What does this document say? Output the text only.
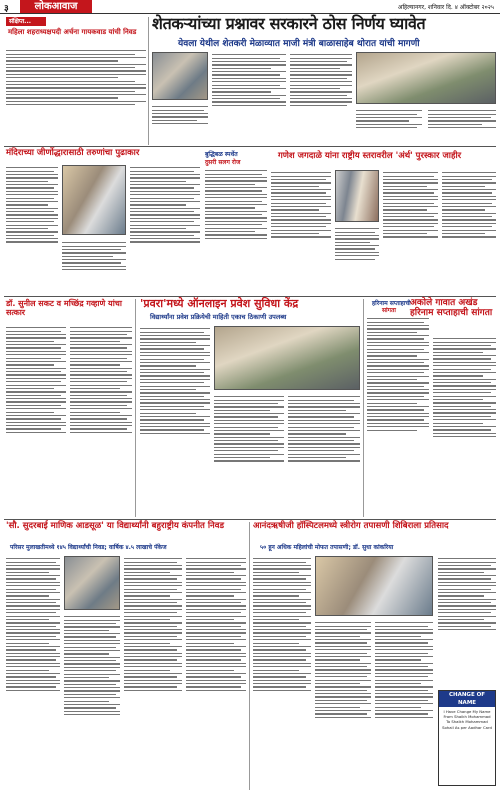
३	लोकआवाज	अहिल्यानगर, शनिवार दि. ४ ऑक्टोबर २०२५
संक्षिप्त...
महिला शहराध्यक्षपदी अर्चना गायकवाड यांची निवड शेतकऱ्यांच्या प्रश्नावर सरकारने ठोस निर्णय घ्यावेत
येवला येथील शेतकरी मेळाव्यात माजी मंत्री बाळासाहेब थोरात यांची मागणी
मंदिराच्या जीर्णोद्धारासाठी तरुणांचा पुढाकार	बुद्धिबळ स्पर्धेत
दुसरी सलग रोज
गणेश जगदाळे यांना राष्ट्रीय स्तरावरील 'अंर्थ' पुरस्कार जाहीर
डॉ. सुनील सकट व मच्छिंद्र गव्हाणे यांचा सत्कार
'प्रवरा'मध्ये ऑनलाइन प्रवेश सुविधा केंद्र
विद्यार्थ्यांना प्रवेश प्रक्रियेची माहिती एकाच ठिकाणी उपलब्ध
हरिनाम सप्ताहाची
सांगता
अकोले गावात अखंड हरिनाम सप्ताहाची सांगता
'सौ. सुदरबाई माणिक आडसूळ' या विद्यार्थ्यांनी बहुराष्ट्रीय कंपनीत निवड
परिसर मुलाखतीमध्ये १४५ विद्यार्थ्यांची निवड; वार्षिक ४.५ लाखाचे पॅकेज
आनंदऋषीजी हॉस्पिटलमध्ये स्त्रीरोग तपासणी शिबिराला प्रतिसाद
५० हून अधिक महिलांची मोफत तपासणी; डॉ. सुधा कांकरिया
CHANGE OF NAME
I Have Change My Name From Shaikh Mohammad To Shaikh Mohammad Sohail As per Aadhar Card
